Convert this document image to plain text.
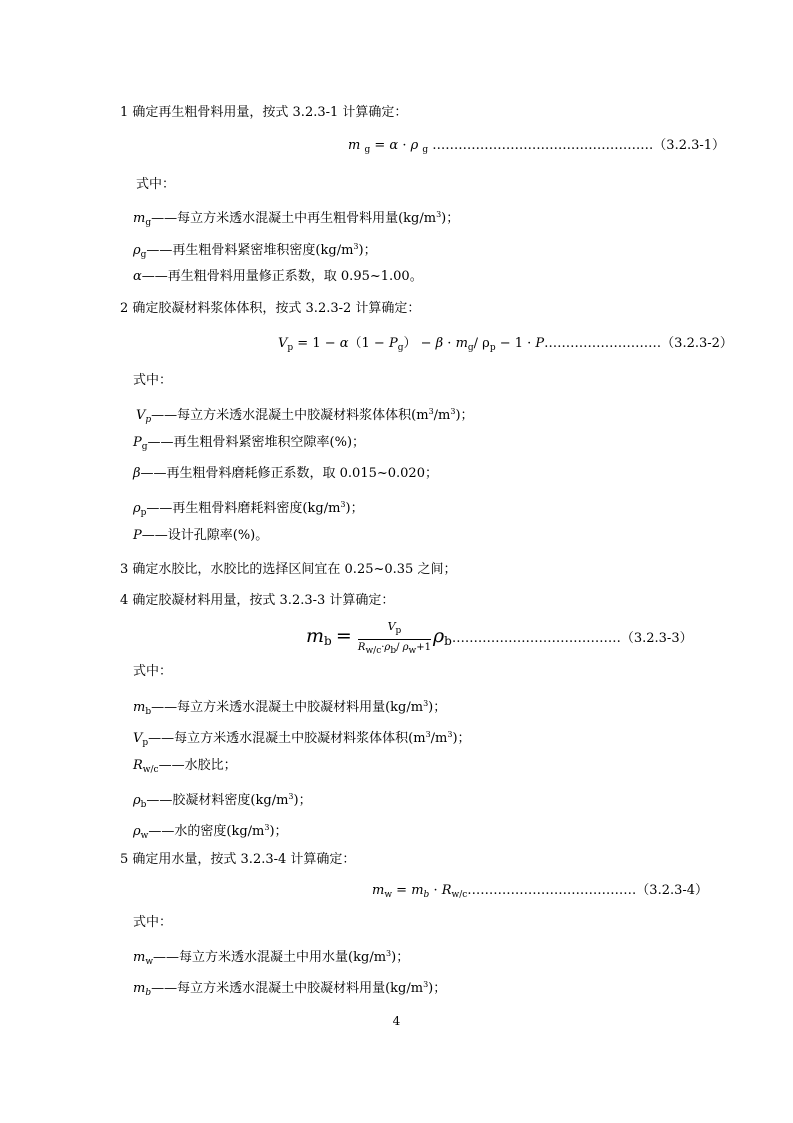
1 确定再生粗骨料用量，按式 3.2.3-1 计算确定：
m $_g$ = α · ρ $_g$ ……………………………………………（3.2.3-1）
式中：
$m_g——$每立方米透水混凝土中再生粗骨料用量$(kg/m^3)$；
$\rho_g——$再生粗骨料紧密堆积密度$(kg/m^3)$；
α——再生粗骨料用量修正系数，取 0.95~1.00。
2 确定胶凝材料浆体体积，按式 3.2.3-2 计算确定：
$V_p = 1 - \alpha(1 - P_g) - \beta \cdot m_g/$ $\rho_p - 1$ · P………………………（3.2.3-2）
式中：
$V_p——$每立方米透水混凝土中胶凝材料浆体体积$(m^3/m^3)$；
$P_g——$再生粗骨料紧密堆积空隙率(%)；
β——再生粗骨料磨耗修正系数，取 0.015~0.020；
$\rho_p——$再生粗骨料磨耗料密度$(kg/m^3)$；
P——设计孔隙率(%)。
3 确定水胶比，水胶比的选择区间宜在 0.25~0.35 之间；
4 确定胶凝材料用量，按式 3.2.3-3 计算确定：
$m_b = \frac{V_p}{R_{w/c}\cdot\rho_b/ \rho_w+1}$ $\rho_b\dots\dots\dots\dots\dots\dots\dots\dots\dots\dots\dots\dots\dots(3.2.3-3)$
式中：
$m_b——$每立方米透水混凝土中胶凝材料用量$(kg/m^3)$；
$V_p——$每立方米透水混凝土中胶凝材料浆体体积$(m^3/m^3)$；
$R_{w/c}——$水胶比；
$\rho_b——$胶凝材料密度$(kg/m^3)$；
$\rho_w——$水的密度$(kg/m^3)$；
5 确定用水量，按式 3.2.3-4 计算确定：
$m_w = m_b$ · $R_{w/c}\dots\dots\dots\dots\dots\dots\dots\dots\dots\dots\dots\dots\dots(3.2.3-4)$
式中：
$m_w——$每立方米透水混凝土中用水量$(kg/m^3)$；
$m_b——$每立方米透水混凝土中胶凝材料用量$(kg/m^3)$；
4
